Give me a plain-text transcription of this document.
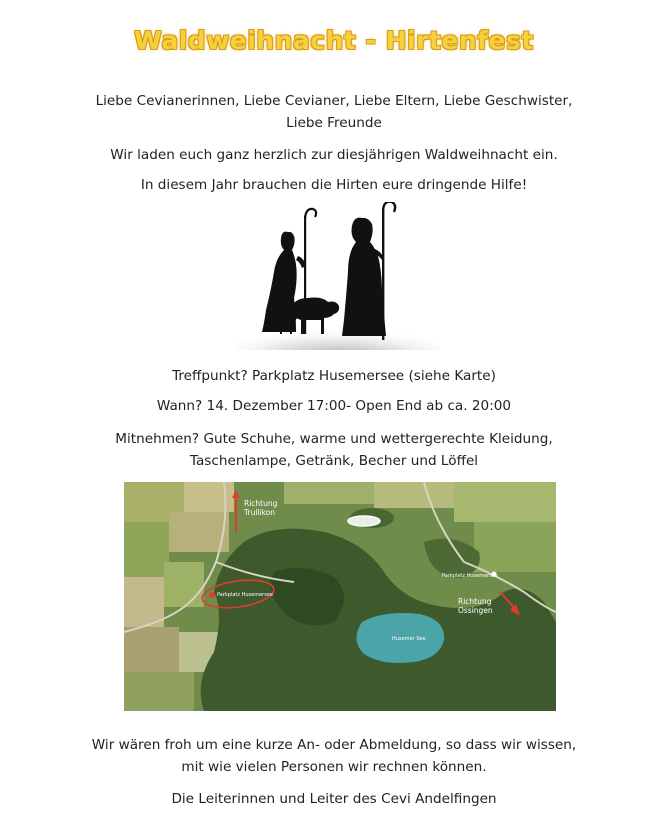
Waldweihnacht - Hirtenfest
Liebe Cevianerinnen, Liebe Cevianer, Liebe Eltern, Liebe Geschwister,
Liebe Freunde
Wir laden euch ganz herzlich zur diesjährigen Waldweihnacht ein.
In diesem Jahr brauchen die Hirten eure dringende Hilfe!
Treffpunkt? Parkplatz Husemersee (siehe Karte)
Wann? 14. Dezember 17:00- Open End ab ca. 20:00
Mitnehmen? Gute Schuhe, warme und wettergerechte Kleidung,
Taschenlampe, Getränk, Becher und Löffel
Richtung
Trullikon
Parkplatz Husemersee
Parkplatz Husemersee
Richtung
Ossingen
Husemer See
Wir wären froh um eine kurze An- oder Abmeldung, so dass wir wissen,
mit wie vielen Personen wir rechnen können.
Die Leiterinnen und Leiter des Cevi Andelfingen
